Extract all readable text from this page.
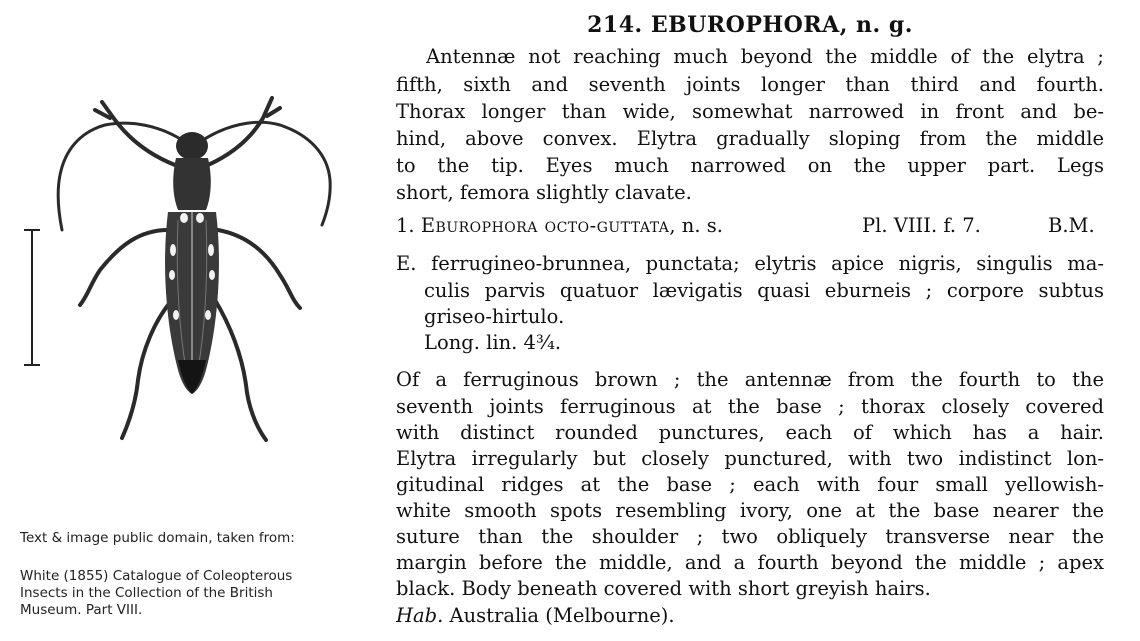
Text & image public domain, taken from:
White (1855) Catalogue of Coleopterous
Insects in the Collection of the British
Museum. Part VIII.
214. EBUROPHORA, n. g.
Antennæ not reaching much beyond the middle of the elytra ;
fifth, sixth and seventh joints longer than third and fourth.
Thorax longer than wide, somewhat narrowed in front and be-
hind, above convex. Elytra gradually sloping from the middle
to the tip. Eyes much narrowed on the upper part. Legs
short, femora slightly clavate.
1. Eburophora octo-guttata, n. s.	Pl. VIII. f. 7.	B.M.
E. ferrugineo-brunnea, punctata; elytris apice nigris, singulis ma-
culis parvis quatuor lævigatis quasi eburneis ; corpore subtus
griseo-hirtulo.
Long. lin. 4¾.
Of a ferruginous brown ; the antennæ from the fourth to the
seventh joints ferruginous at the base ; thorax closely covered
with distinct rounded punctures, each of which has a hair.
Elytra irregularly but closely punctured, with two indistinct lon-
gitudinal ridges at the base ; each with four small yellowish-
white smooth spots resembling ivory, one at the base nearer the
suture than the shoulder ; two obliquely transverse near the
margin before the middle, and a fourth beyond the middle ; apex
black. Body beneath covered with short greyish hairs.
Hab. Australia (Melbourne).
